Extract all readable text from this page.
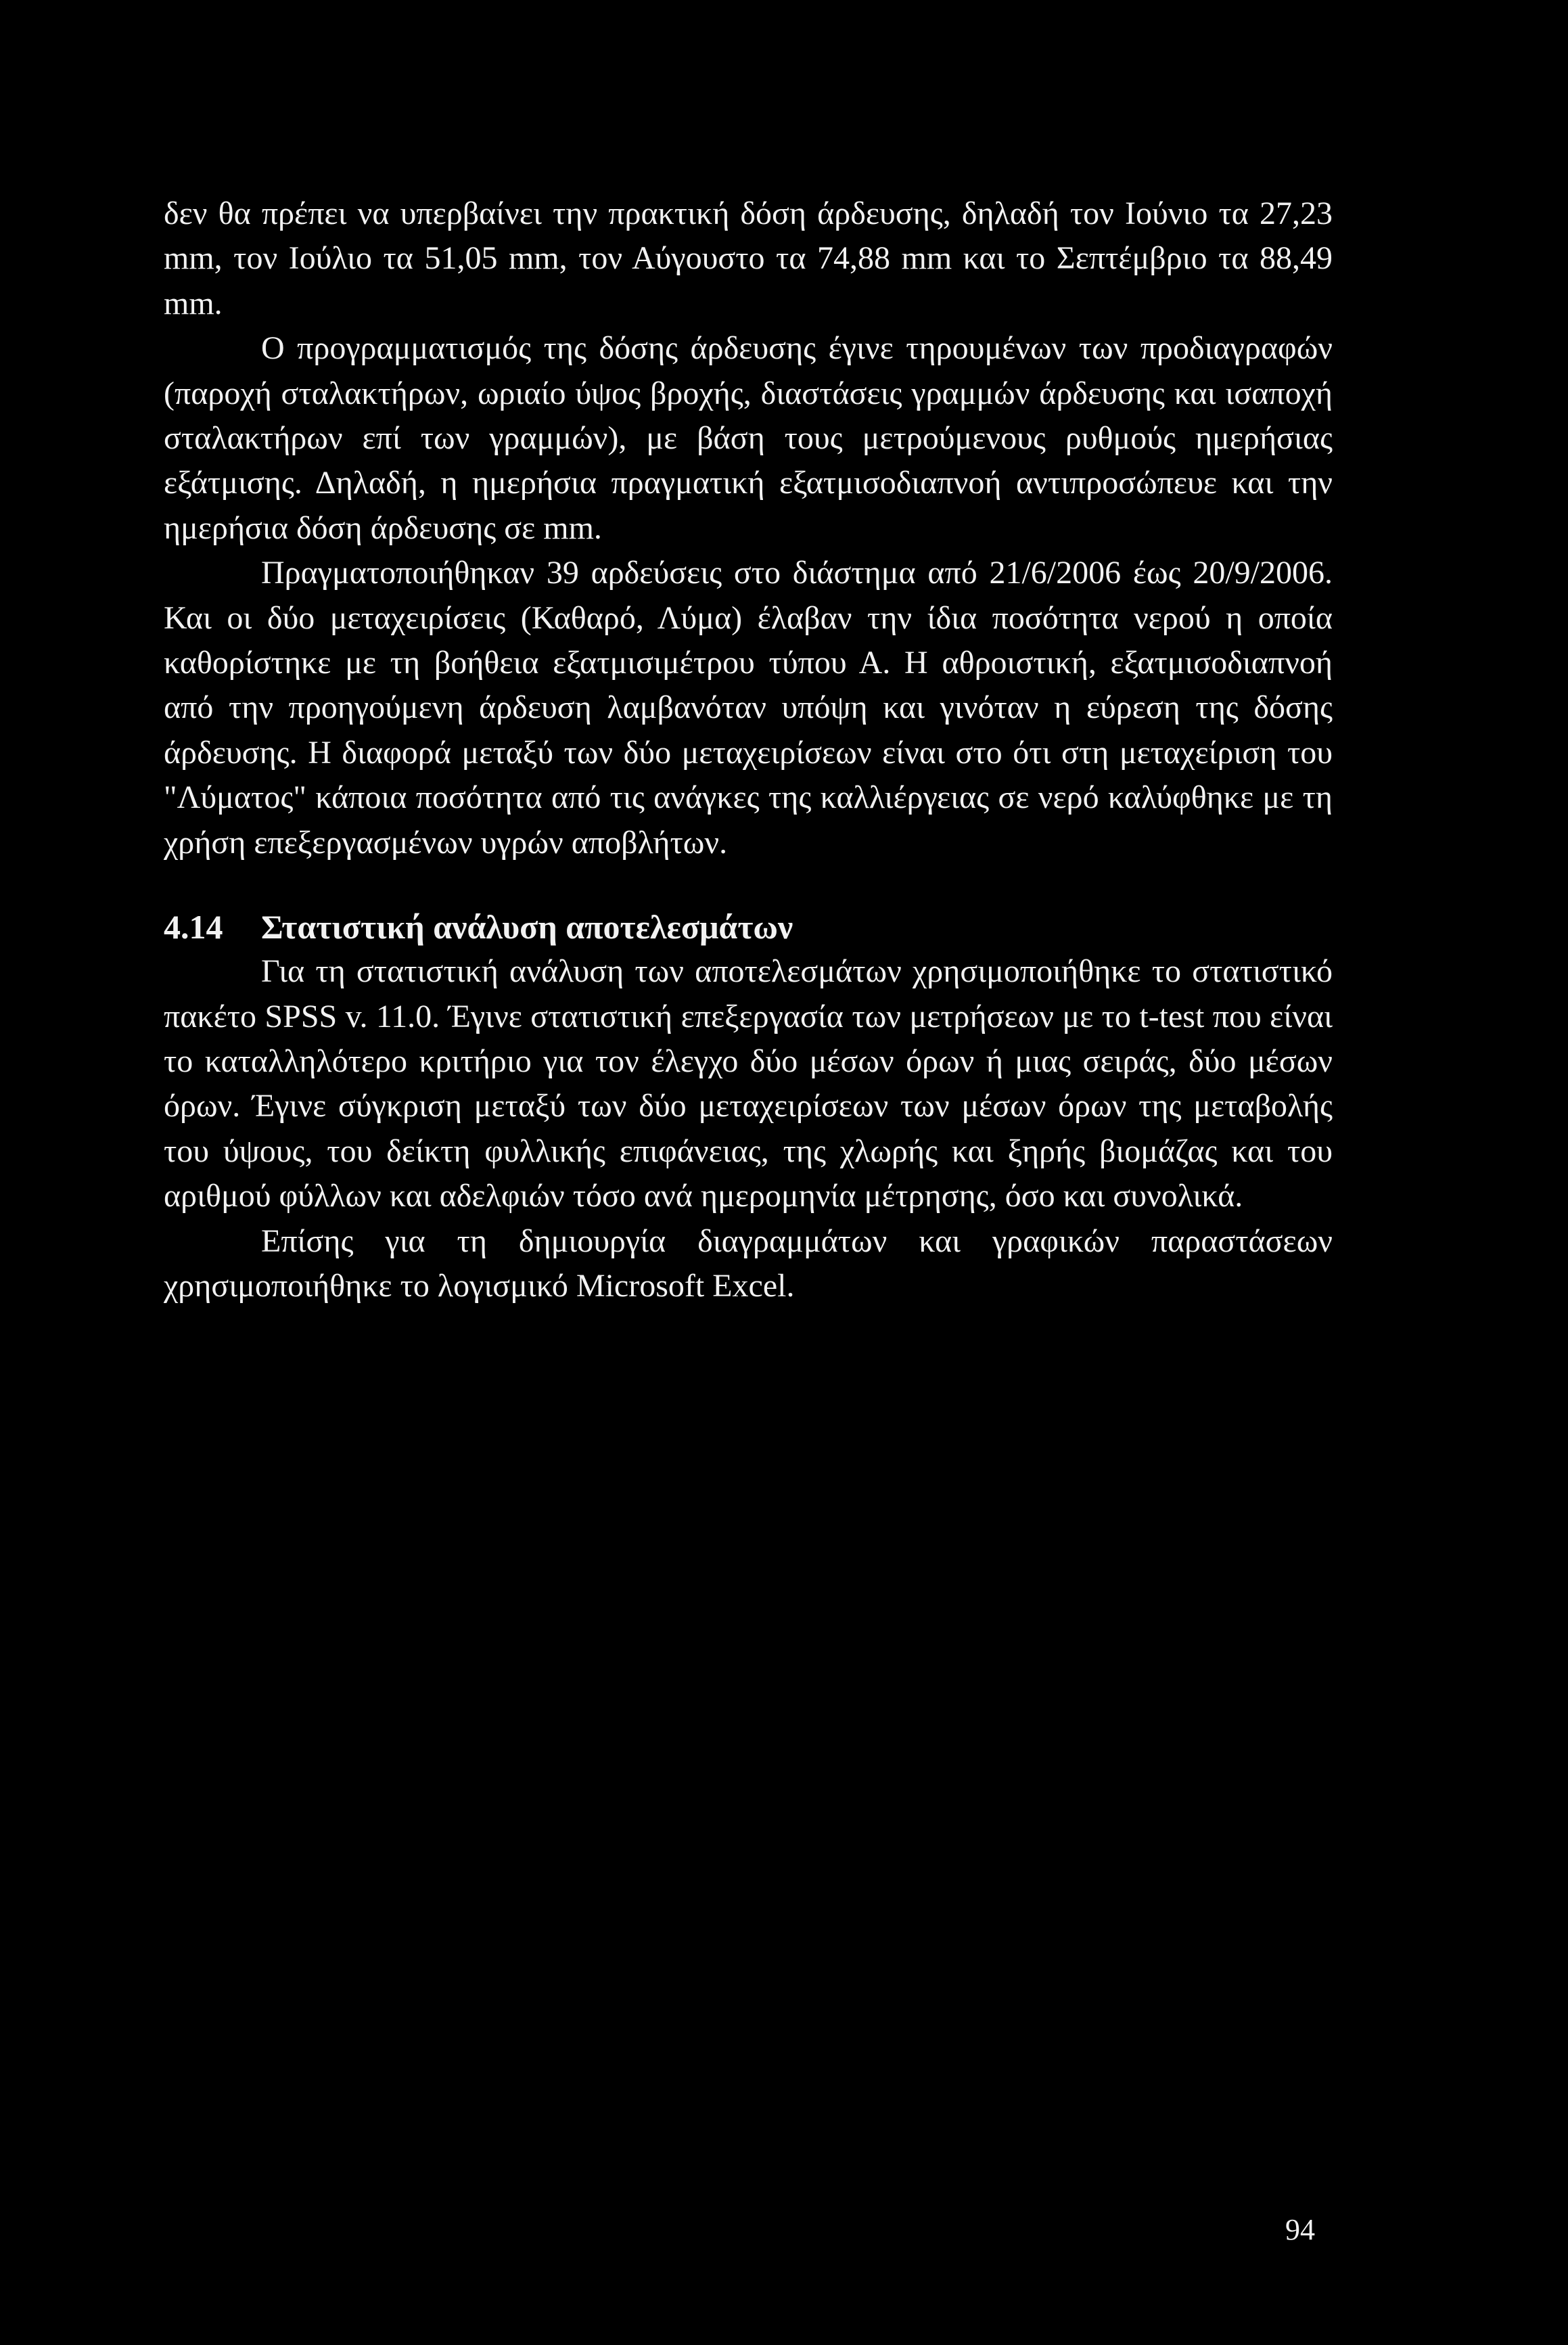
δεν θα πρέπει να υπερβαίνει την πρακτική δόση άρδευσης, δηλαδή τον Ιούνιο τα 27,23 mm, τον Ιούλιο τα 51,05 mm, τον Αύγουστο τα 74,88 mm και το Σεπτέμβριο τα 88,49 mm.

Ο προγραμματισμός της δόσης άρδευσης έγινε τηρουμένων των προδιαγραφών (παροχή σταλακτήρων, ωριαίο ύψος βροχής, διαστάσεις γραμμών άρδευσης και ισαποχή σταλακτήρων επί των γραμμών), με βάση τους μετρούμενους ρυθμούς ημερήσιας εξάτμισης. Δηλαδή, η ημερήσια πραγματική εξατμισοδιαπνοή αντιπροσώπευε και την ημερήσια δόση άρδευσης σε mm.

Πραγματοποιήθηκαν 39 αρδεύσεις στο διάστημα από 21/6/2006 έως 20/9/2006. Και οι δύο μεταχειρίσεις (Καθαρό, Λύμα) έλαβαν την ίδια ποσότητα νερού η οποία καθορίστηκε με τη βοήθεια εξατμισιμέτρου τύπου Α. Η αθροιστική, εξατμισοδιαπνοή από την προηγούμενη άρδευση λαμβανόταν υπόψη και γινόταν η εύρεση της δόσης άρδευσης. Η διαφορά μεταξύ των δύο μεταχειρίσεων είναι στο ότι στη μεταχείριση του "Λύματος" κάποια ποσότητα από τις ανάγκες της καλλιέργειας σε νερό καλύφθηκε με τη χρήση επεξεργασμένων υγρών αποβλήτων.

4.14	Στατιστική ανάλυση αποτελεσμάτων

Για τη στατιστική ανάλυση των αποτελεσμάτων χρησιμοποιήθηκε το στατιστικό πακέτο SPSS v. 11.0. Έγινε στατιστική επεξεργασία των μετρήσεων με το t-test που είναι το καταλληλότερο κριτήριο για τον έλεγχο δύο μέσων όρων ή μιας σειράς, δύο μέσων όρων. Έγινε σύγκριση μεταξύ των δύο μεταχειρίσεων των μέσων όρων της μεταβολής του ύψους, του δείκτη φυλλικής επιφάνειας, της χλωρής και ξηρής βιομάζας και του αριθμού φύλλων και αδελφιών τόσο ανά ημερομηνία μέτρησης, όσο και συνολικά.

Επίσης για τη δημιουργία διαγραμμάτων και γραφικών παραστάσεων χρησιμοποιήθηκε το λογισμικό Microsoft Excel.

94
